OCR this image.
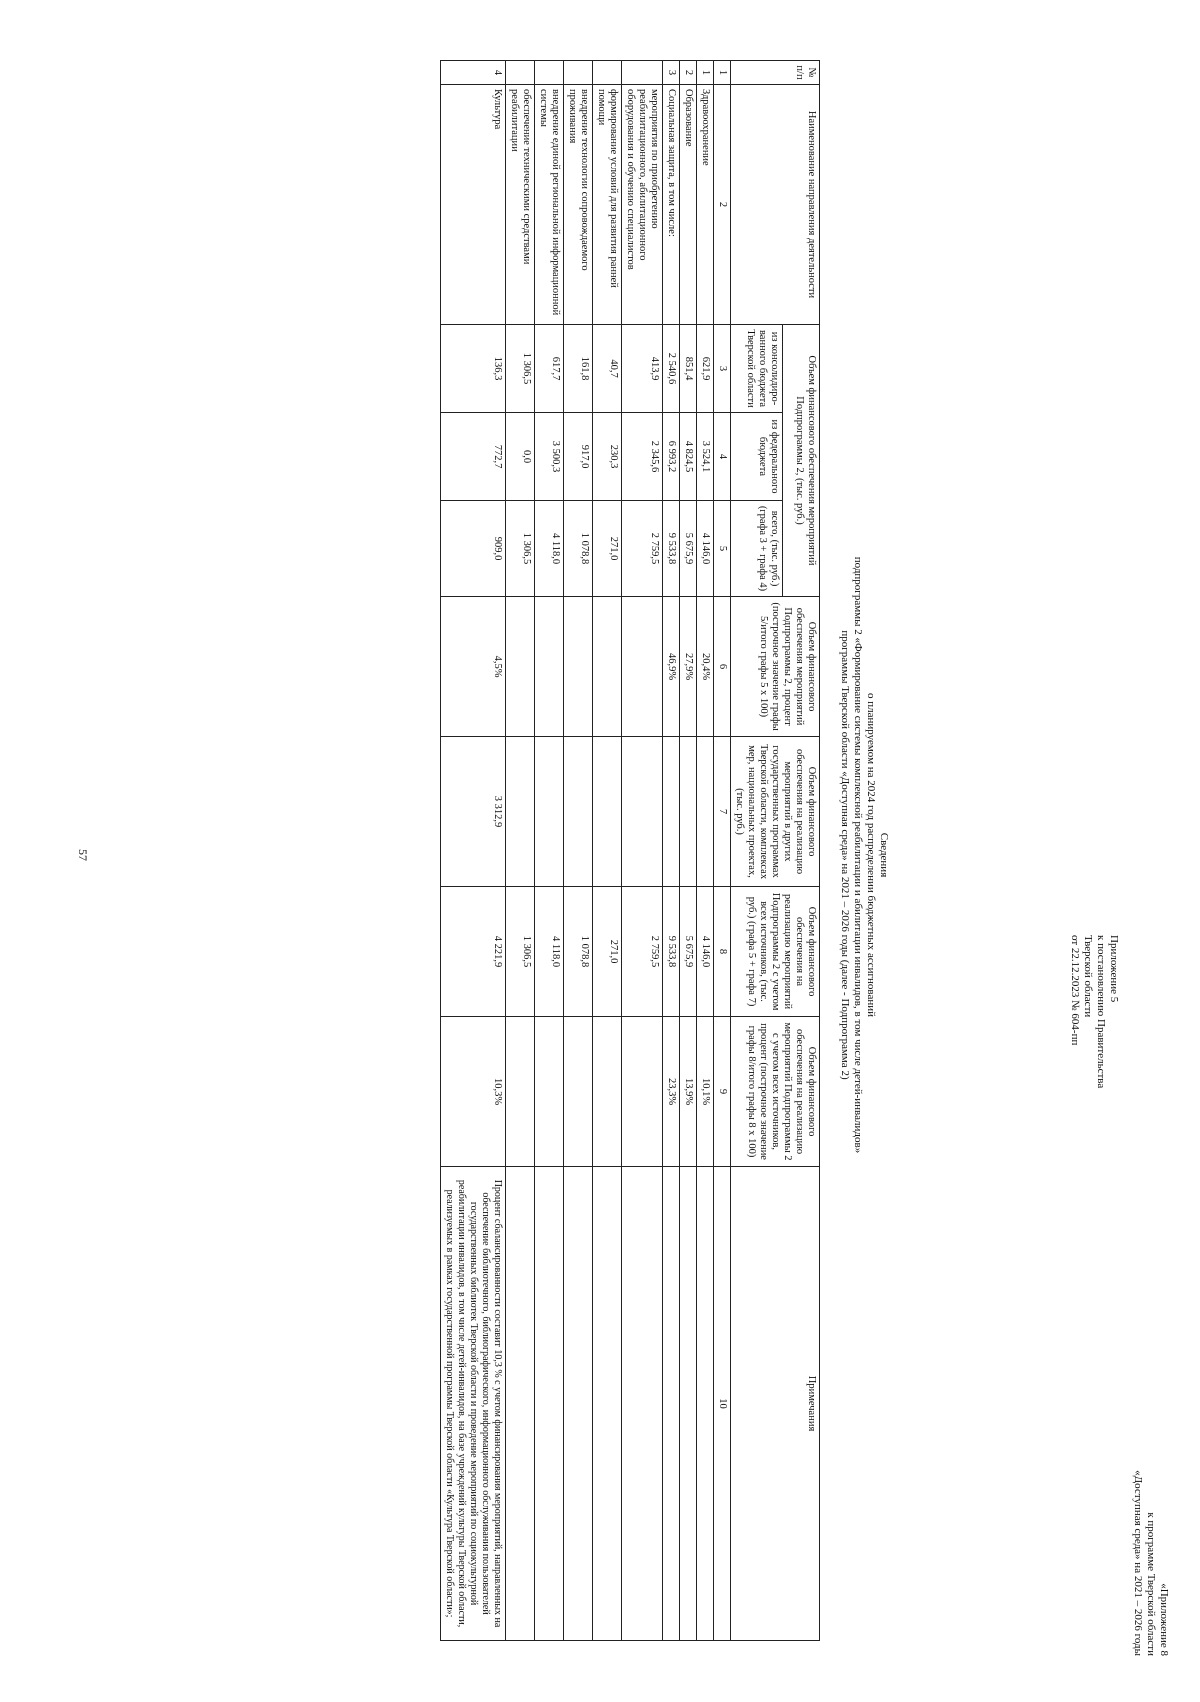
«Приложение 8
к программе Тверской области
«Доступная среда» на 2021 – 2026 годы
Приложение 5
к постановлению Правительства
Тверской области
от 22.12.2023 № 604-пп
Сведения
о планируемом на 2024 год распределении бюджетных ассигнований
подпрограммы 2 «Формирование системы комплексной реабилитации и абилитации инвалидов, в том числе детей-инвалидов»
программы Тверской области «Доступная среда» на 2021 – 2026 годы (далее - Подпрограмма 2)
№ п/п	Наименование направления деятельности	Объем финансового обеспечения мероприятий Подпрограммы 2, (тыс. руб.)			Объем финансового обеспечения мероприятий Подпрограммы 2, процент (построчное значение графы 5/итого графы 5 х 100)	Объем финансового обеспечения на реализацию мероприятий в других государственных программах Тверской области, комплексах мер, национальных проектах, (тыс. руб.)	Объем финансового обеспечения на реализацию мероприятий Подпрограммы 2 с учетом всех источников, (тыс. руб.) (графа 5 + графа 7)	Объем финансового обеспечения на реализацию мероприятий Подпрограммы 2 с учетом всех источников, процент (построчное значение графы 8/итого графы 8 х 100)	Примечания
		из консолидиро-ванного бюджета Тверской области	из федерального бюджета	всего, (тыс. руб.) (графа 3 + графа 4)					
1	2	3	4	5	6	7	8	9	10
1	Здравоохранение	621,9	3 524,1	4 146,0	20,4%		4 146,0	10,1%	
2	Образование	851,4	4 824,5	5 675,9	27,9%		5 675,9	13,9%	
3	Социальная защита, в том числе:	2 540,6	6 993,2	9 533,8	46,9%		9 533,8	23,3%	
	мероприятия по приобретению реабилитационного, абилитационного оборудования и обучению специалистов	413,9	2 345,6	2 759,5			2 759,5		
	формирование условий для развития ранней помощи	40,7	230,3	271,0			271,0		
	внедрение технологии сопровождаемого проживания	161,8	917,0	1 078,8			1 078,8		
	внедрение единой региональной информационной системы	617,7	3 500,3	4 118,0			4 118,0		
	обеспечение техническими средствами реабилитации	1 306,5	0,0	1 306,5			1 306,5		
4	Культура	136,3	772,7	909,0	4,5%	3 312,9	4 221,9	10,3%	Процент сбалансированности составит 10,3 % с учетом финансирования мероприятий, направленных на обеспечение библиотечного, библиографического, информационного обслуживания пользователей государственных библиотек Тверской области и проведение мероприятий по социокультурной реабилитации инвалидов, в том числе детей-инвалидов, на базе учреждений культуры Тверской области, реализуемых в рамках государственной программы Тверской области «Культура Тверской области»;
57
